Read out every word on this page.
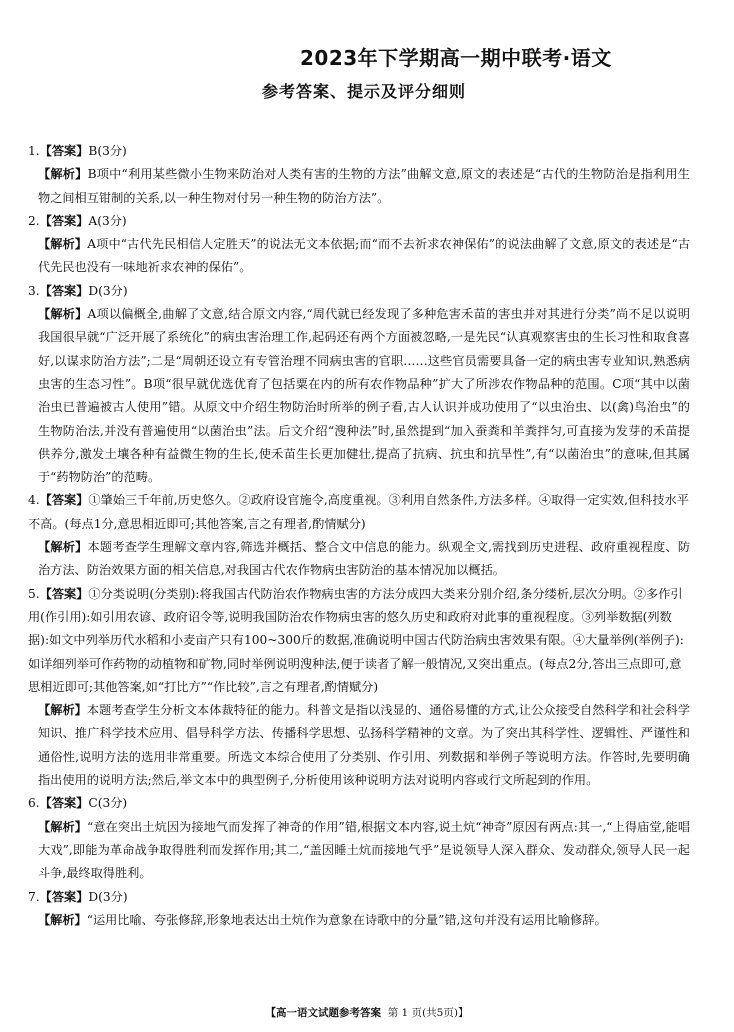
2023年下学期高一期中联考·语文
参考答案、提示及评分细则
1.【答案】B(3分)
【解析】B项中“利用某些微小生物来防治对人类有害的生物的方法”曲解文意,原文的表述是“古代的生物防治是指利用生物之间相互钳制的关系,以一种生物对付另一种生物的防治方法”。
2.【答案】A(3分)
【解析】A项中“古代先民相信人定胜天”的说法无文本依据;而“而不去祈求农神保佑”的说法曲解了文意,原文的表述是“古代先民也没有一味地祈求农神的保佑”。
3.【答案】D(3分)
【解析】A项以偏概全,曲解了文意,结合原文内容,“周代就已经发现了多种危害禾苗的害虫并对其进行分类”尚不足以说明我国很早就“广泛开展了系统化”的病虫害治理工作,起码还有两个方面被忽略,一是先民“认真观察害虫的生长习性和取食喜好,以谋求防治方法”;二是“周朝还设立有专管治理不同病虫害的官职……这些官员需要具备一定的病虫害专业知识,熟悉病虫害的生态习性”。B项“很早就优选优育了包括粟在内的所有农作物品种”扩大了所涉农作物品种的范围。C项“其中以菌治虫已普遍被古人使用”错。从原文中介绍生物防治时所举的例子看,古人认识并成功使用了“以虫治虫、以(禽)鸟治虫”的生物防治法,并没有普遍使用“以菌治虫”法。后文介绍“溲种法”时,虽然提到“加入蚕粪和羊粪拌匀,可直接为发芽的禾苗提供养分,激发土壤各种有益微生物的生长,使禾苗生长更加健壮,提高了抗病、抗虫和抗旱性”,有“以菌治虫”的意味,但其属于“药物防治”的范畴。
4.【答案】①肇始三千年前,历史悠久。②政府设官施令,高度重视。③利用自然条件,方法多样。④取得一定实效,但科技水平不高。(每点1分,意思相近即可;其他答案,言之有理者,酌情赋分)
【解析】本题考查学生理解文章内容,筛选并概括、整合文中信息的能力。纵观全文,需找到历史进程、政府重视程度、防治方法、防治效果方面的相关信息,对我国古代农作物病虫害防治的基本情况加以概括。
5.【答案】①分类说明(分类别):将我国古代防治农作物病虫害的方法分成四大类来分别介绍,条分缕析,层次分明。②多作引用(作引用):如引用农谚、政府诏令等,说明我国防治农作物病虫害的悠久历史和政府对此事的重视程度。③列举数据(列数据):如文中列举历代水稻和小麦亩产只有100~300斤的数据,准确说明中国古代防治病虫害效果有限。④大量举例(举例子):如详细列举可作药物的动植物和矿物,同时举例说明溲种法,便于读者了解一般情况,又突出重点。(每点2分,答出三点即可,意思相近即可;其他答案,如“打比方”“作比较”,言之有理者,酌情赋分)
【解析】本题考查学生分析文本体裁特征的能力。科普文是指以浅显的、通俗易懂的方式,让公众接受自然科学和社会科学知识、推广科学技术应用、倡导科学方法、传播科学思想、弘扬科学精神的文章。为了突出其科学性、逻辑性、严谨性和通俗性,说明方法的选用非常重要。所选文本综合使用了分类别、作引用、列数据和举例子等说明方法。作答时,先要明确指出使用的说明方法;然后,举文本中的典型例子,分析使用该种说明方法对说明内容或行文所起到的作用。
6.【答案】C(3分)
【解析】“意在突出土炕因为接地气而发挥了神奇的作用”错,根据文本内容,说土炕“神奇”原因有两点:其一,“上得庙堂,能唱大戏”,即能为革命战争取得胜利而发挥作用;其二,“盖因睡土炕而接地气乎”是说领导人深入群众、发动群众,领导人民一起斗争,最终取得胜利。
7.【答案】D(3分)
【解析】“运用比喻、夸张修辞,形象地表达出土炕作为意象在诗歌中的分量”错,这句并没有运用比喻修辞。
【高一语文试题参考答案 第 1 页(共5页)】
